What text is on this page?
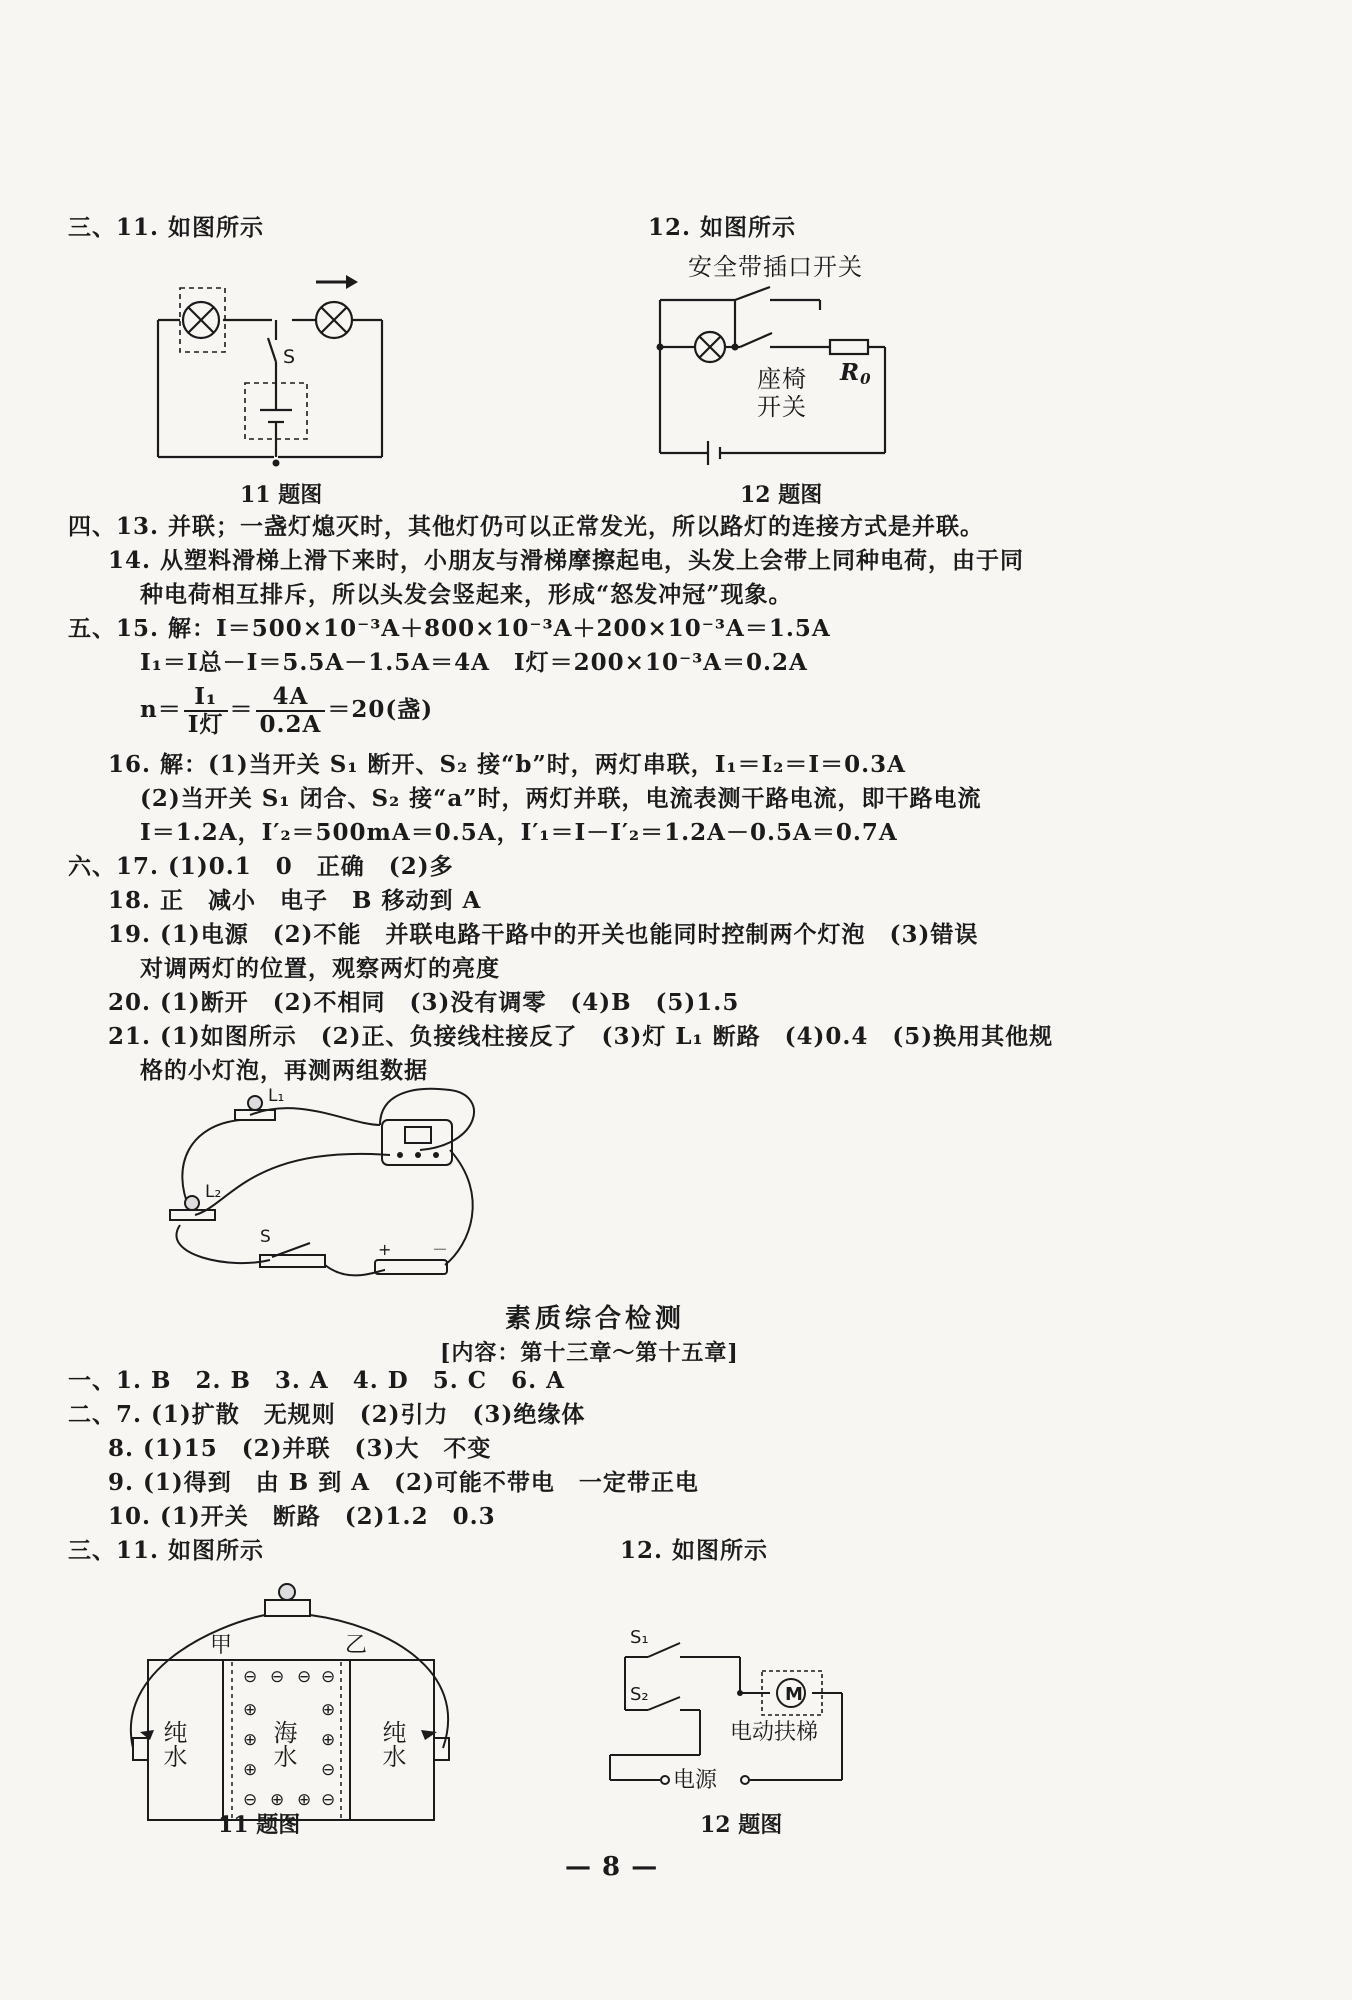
三、11. 如图所示	12. 如图所示
S
安全带插口开关
座椅
开关
$R_0$
11 题图	12 题图
四、13. 并联；一盏灯熄灭时，其他灯仍可以正常发光，所以路灯的连接方式是并联。
14. 从塑料滑梯上滑下来时，小朋友与滑梯摩擦起电，头发上会带上同种电荷，由于同
种电荷相互排斥，所以头发会竖起来，形成“怒发冲冠”现象。
五、15. 解：I＝500×10⁻³A＋800×10⁻³A＋200×10⁻³A＝1.5A
I₁＝I总－I＝5.5A－1.5A＝4A　I灯＝200×10⁻³A＝0.2A
$n= \frac{\text{I₁}}{\text{I灯}} = \frac{4A}{0.2A} =20$(盏)
16. 解：(1)当开关 S₁ 断开、S₂ 接“b”时，两灯串联，I₁＝I₂＝I＝0.3A
(2)当开关 S₁ 闭合、S₂ 接“a”时，两灯并联，电流表测干路电流，即干路电流
I＝1.2A，I′₂＝500mA＝0.5A，I′₁＝I－I′₂＝1.2A－0.5A＝0.7A
六、17. (1)0.1　0　正确　(2)多
18. 正　减小　电子　B 移动到 A
19. (1)电源　(2)不能　并联电路干路中的开关也能同时控制两个灯泡　(3)错误
对调两灯的位置，观察两灯的亮度
20. (1)断开　(2)不相同　(3)没有调零　(4)B　(5)1.5
21. (1)如图所示　(2)正、负接线柱接反了　(3)灯 L₁ 断路　(4)0.4　(5)换用其他规
格的小灯泡，再测两组数据
L₁
L₂
S
+	－
素质综合检测
[内容：第十三章～第十五章]
一、1. B　2. B　3. A　4. D　5. C　6. A
二、7. (1)扩散　无规则　(2)引力　(3)绝缘体
8. (1)15　(2)并联　(3)大　不变
9. (1)得到　由 B 到 A　(2)可能不带电　一定带正电
10. (1)开关　断路　(2)1.2　0.3
三、11. 如图所示	12. 如图所示
⊖ ⊖ ⊖ ⊖
⊕	⊕
⊕	⊕
⊕	⊖
⊖ ⊕ ⊕ ⊖
甲	乙
纯水	海水	纯水
M
S₁
S₂
电动扶梯
电源
11 题图	12 题图
— 8 —
